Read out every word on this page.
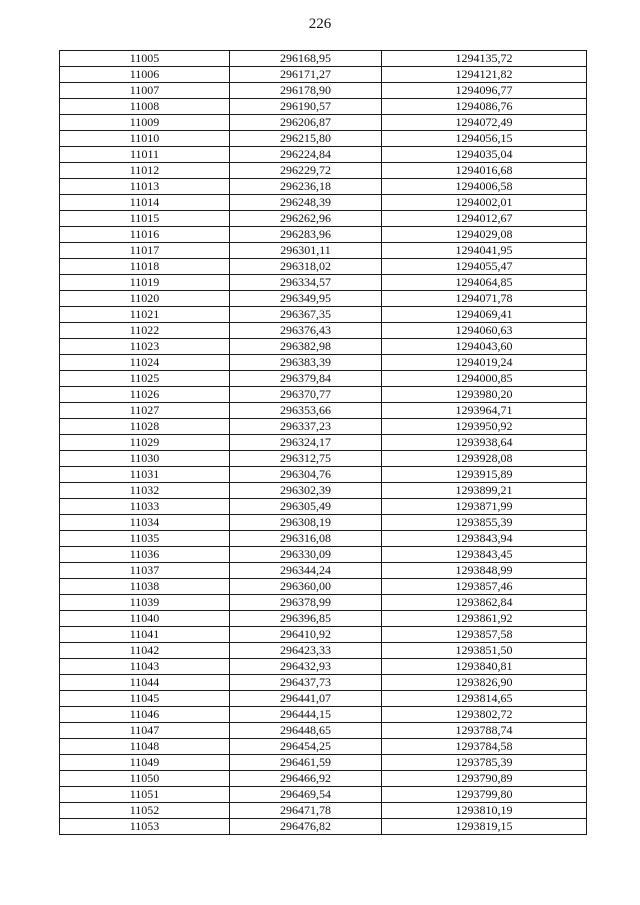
226
11005	296168,95	1294135,72
11006	296171,27	1294121,82
11007	296178,90	1294096,77
11008	296190,57	1294086,76
11009	296206,87	1294072,49
11010	296215,80	1294056,15
11011	296224,84	1294035,04
11012	296229,72	1294016,68
11013	296236,18	1294006,58
11014	296248,39	1294002,01
11015	296262,96	1294012,67
11016	296283,96	1294029,08
11017	296301,11	1294041,95
11018	296318,02	1294055,47
11019	296334,57	1294064,85
11020	296349,95	1294071,78
11021	296367,35	1294069,41
11022	296376,43	1294060,63
11023	296382,98	1294043,60
11024	296383,39	1294019,24
11025	296379,84	1294000,85
11026	296370,77	1293980,20
11027	296353,66	1293964,71
11028	296337,23	1293950,92
11029	296324,17	1293938,64
11030	296312,75	1293928,08
11031	296304,76	1293915,89
11032	296302,39	1293899,21
11033	296305,49	1293871,99
11034	296308,19	1293855,39
11035	296316,08	1293843,94
11036	296330,09	1293843,45
11037	296344,24	1293848,99
11038	296360,00	1293857,46
11039	296378,99	1293862,84
11040	296396,85	1293861,92
11041	296410,92	1293857,58
11042	296423,33	1293851,50
11043	296432,93	1293840,81
11044	296437,73	1293826,90
11045	296441,07	1293814,65
11046	296444,15	1293802,72
11047	296448,65	1293788,74
11048	296454,25	1293784,58
11049	296461,59	1293785,39
11050	296466,92	1293790,89
11051	296469,54	1293799,80
11052	296471,78	1293810,19
11053	296476,82	1293819,15
